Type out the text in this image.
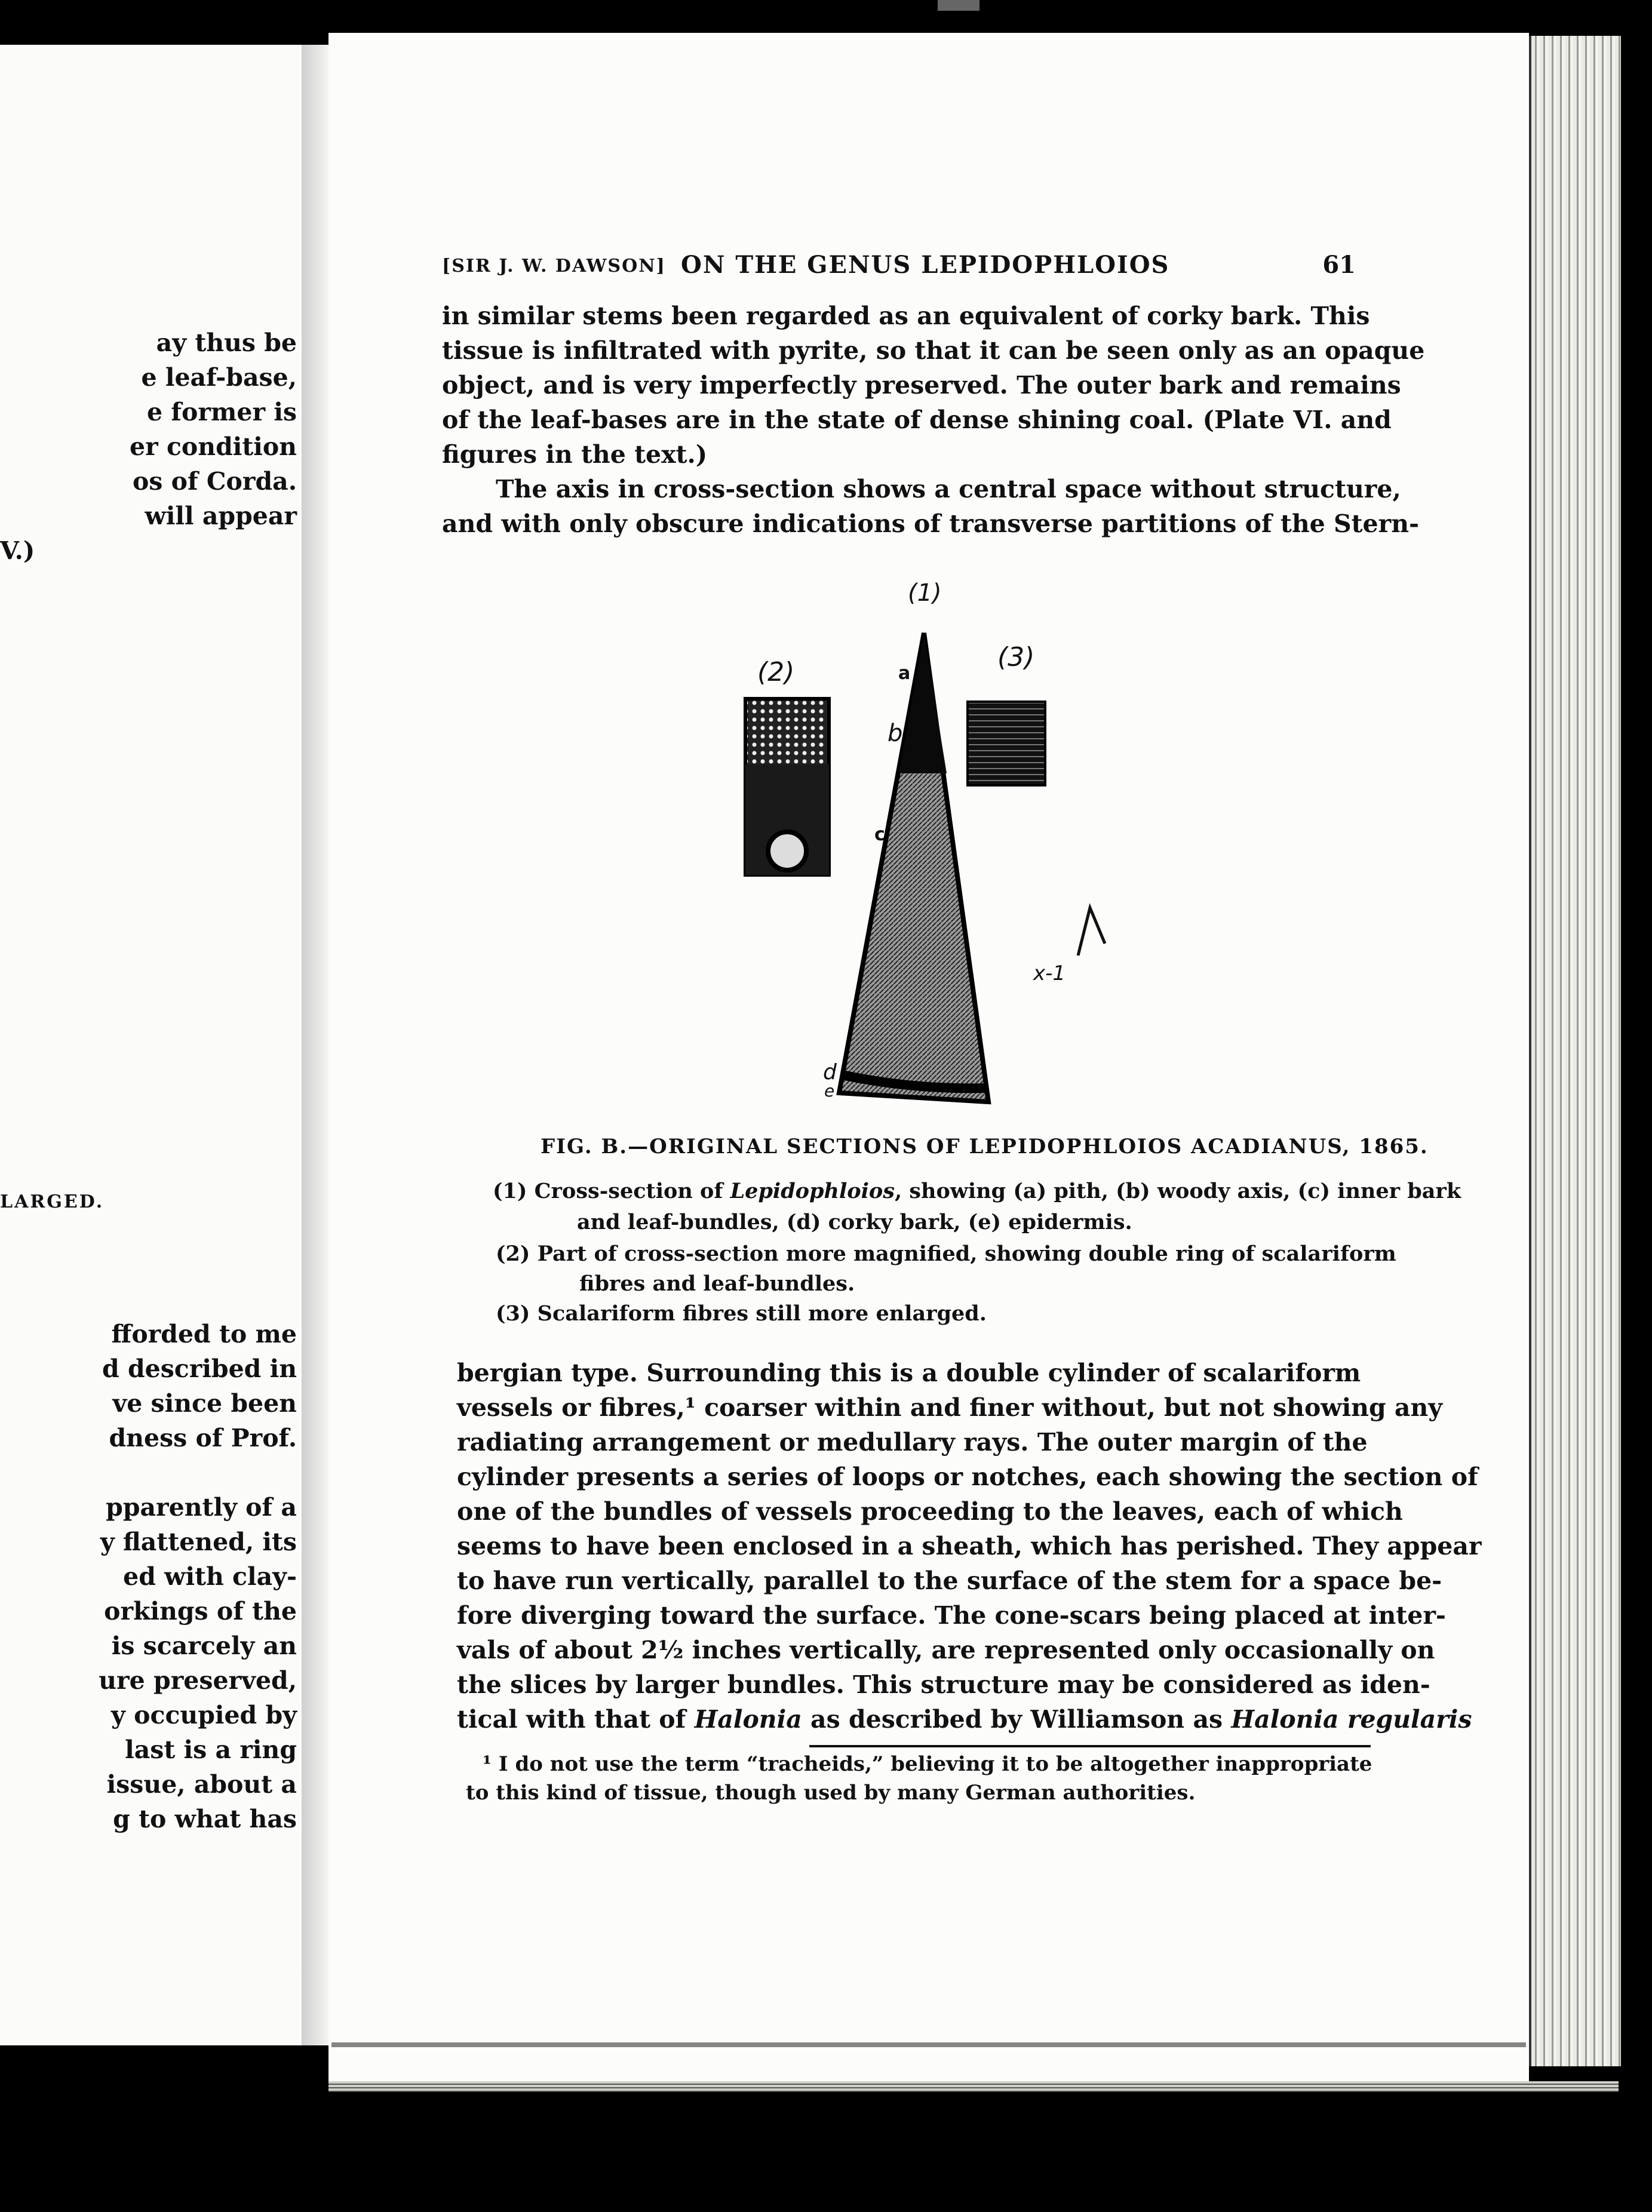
ay thus be
e leaf-base,
e former is
er condition
os of Corda.
will appear
V.)
LARGED.
fforded to me
d described in
ve since been
dness of Prof.
pparently of a
y flattened, its
ed with clay-
orkings of the
is scarcely an
ure preserved,
y occupied by
last is a ring
issue, about a
g to what has
[SIR J. W. DAWSON] ON THE GENUS LEPIDOPHLOIOS	61
in similar stems been regarded as an equivalent of corky bark. This
tissue is infiltrated with pyrite, so that it can be seen only as an opaque
object, and is very imperfectly preserved. The outer bark and remains
of the leaf-bases are in the state of dense shining coal. (Plate VI. and
figures in the text.)
The axis in cross-section shows a central space without structure,
and with only obscure indications of transverse partitions of the Stern-
(1)
(2)	(3)
a
b
c
d
e
x-1
FIG. B.—ORIGINAL SECTIONS OF LEPIDOPHLOIOS ACADIANUS, 1865.
(1) Cross-section of Lepidophloios, showing (a) pith, (b) woody axis, (c) inner bark
and leaf-bundles, (d) corky bark, (e) epidermis.
(2) Part of cross-section more magnified, showing double ring of scalariform
fibres and leaf-bundles.
(3) Scalariform fibres still more enlarged.
bergian type. Surrounding this is a double cylinder of scalariform
vessels or fibres,¹ coarser within and finer without, but not showing any
radiating arrangement or medullary rays. The outer margin of the
cylinder presents a series of loops or notches, each showing the section of
one of the bundles of vessels proceeding to the leaves, each of which
seems to have been enclosed in a sheath, which has perished. They appear
to have run vertically, parallel to the surface of the stem for a space be-
fore diverging toward the surface. The cone-scars being placed at inter-
vals of about 2½ inches vertically, are represented only occasionally on
the slices by larger bundles. This structure may be considered as iden-
tical with that of Halonia as described by Williamson as Halonia regularis
¹ I do not use the term “tracheids,” believing it to be altogether inappropriate
to this kind of tissue, though used by many German authorities.
